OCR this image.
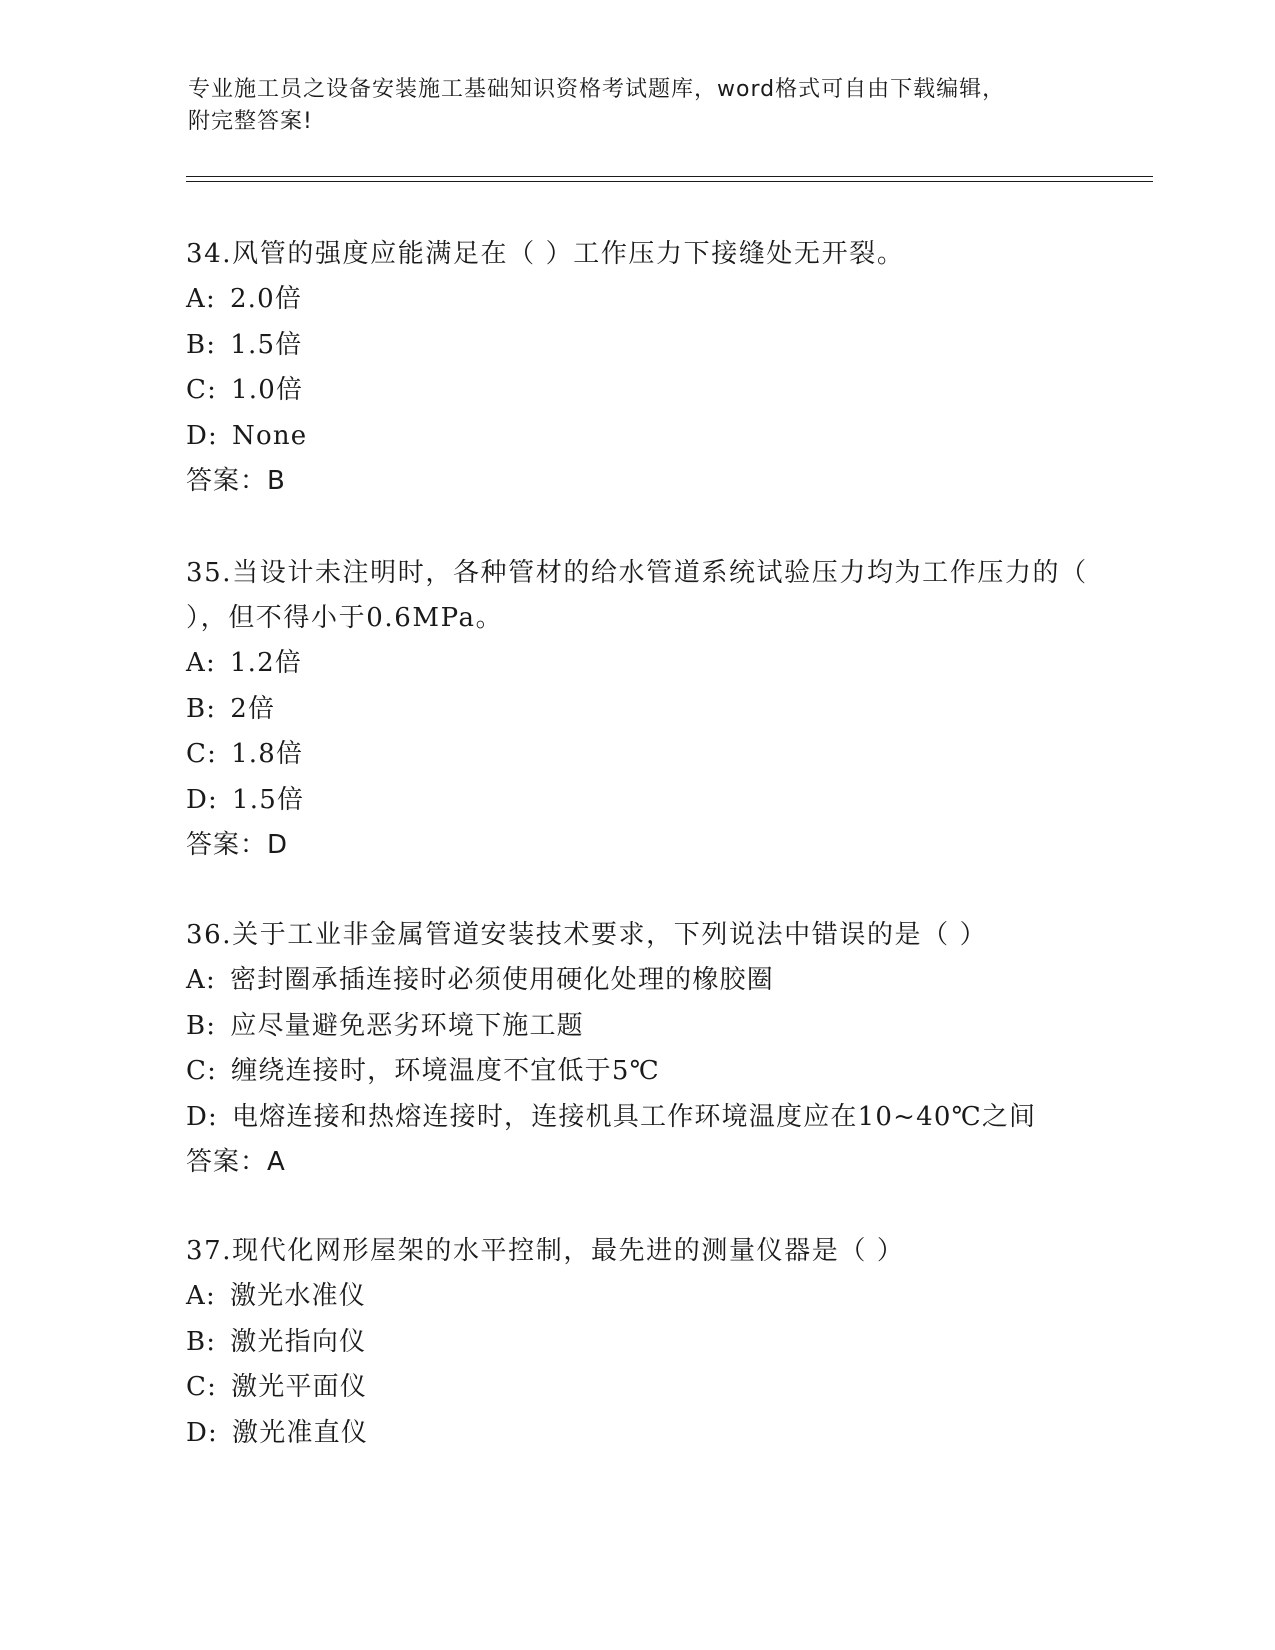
专业施工员之设备安装施工基础知识资格考试题库，word格式可自由下载编辑，
附完整答案!

34.风管的强度应能满足在（ ）工作压力下接缝处无开裂。

A: 2.0倍
B: 1.5倍
C: 1.0倍
D: None
答案：B

35.当设计未注明时，各种管材的给水管道系统试验压力均为工作压力的（ ），但不得小于0.6MPa。

A: 1.2倍
B: 2倍
C: 1.8倍
D: 1.5倍
答案：D

36.关于工业非金属管道安装技术要求，下列说法中错误的是（ ）

A: 密封圈承插连接时必须使用硬化处理的橡胶圈
B: 应尽量避免恶劣环境下施工题
C: 缠绕连接时，环境温度不宜低于5℃
D: 电熔连接和热熔连接时，连接机具工作环境温度应在10~40℃之间
答案：A

37.现代化网形屋架的水平控制，最先进的测量仪器是（ ）

A: 激光水准仪
B: 激光指向仪
C: 激光平面仪
D: 激光准直仪
